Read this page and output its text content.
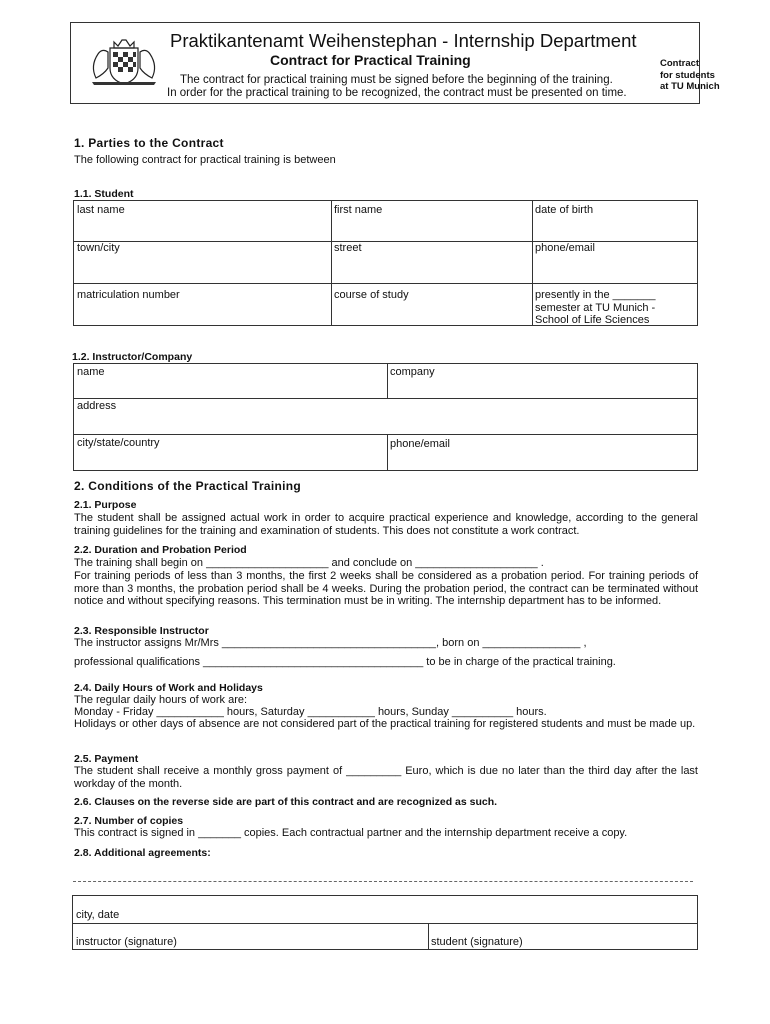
Praktikantenamt Weihenstephan - Internship Department
Contract for Practical Training
The contract for practical training must be signed before the beginning of the training.
In order for the practical training to be recognized, the contract must be presented on time.
Contract
for students
at TU Munich
1. Parties to the Contract
The following contract for practical training is between
1.1. Student
last name	first name	date of birth
town/city	street	phone/email
matriculation number	course of study	presently in the _______
semester at TU Munich -
School of Life Sciences
1.2. Instructor/Company
name	company
address
city/state/country	phone/email
2. Conditions of the Practical Training
2.1. Purpose
The student shall be assigned actual work in order to acquire practical experience and knowledge, according to the general training guidelines for the training and examination of students. This does not constitute a work contract.
2.2. Duration and Probation Period
The training shall begin on ____________________ and conclude on ____________________ .
For training periods of less than 3 months, the first 2 weeks shall be considered as a probation period. For training periods of more than 3 months, the probation period shall be 4 weeks. During the probation period, the contract can be terminated without notice and without specifying reasons. This termination must be in writing. The internship department has to be informed.
2.3. Responsible Instructor
The instructor assigns Mr/Mrs ___________________________________, born on ________________ ,
professional qualifications ____________________________________ to be in charge of the practical training.
2.4. Daily Hours of Work and Holidays
The regular daily hours of work are:
Monday - Friday ___________ hours, Saturday ___________ hours, Sunday __________ hours.
Holidays or other days of absence are not considered part of the practical training for registered students and must be made up.
2.5. Payment
The student shall receive a monthly gross payment of _________ Euro, which is due no later than the third day after the last workday of the month.
2.6. Clauses on the reverse side are part of this contract and are recognized as such.
2.7. Number of copies
This contract is signed in _______ copies. Each contractual partner and the internship department receive a copy.
2.8. Additional agreements:
city, date
instructor (signature)	student (signature)
